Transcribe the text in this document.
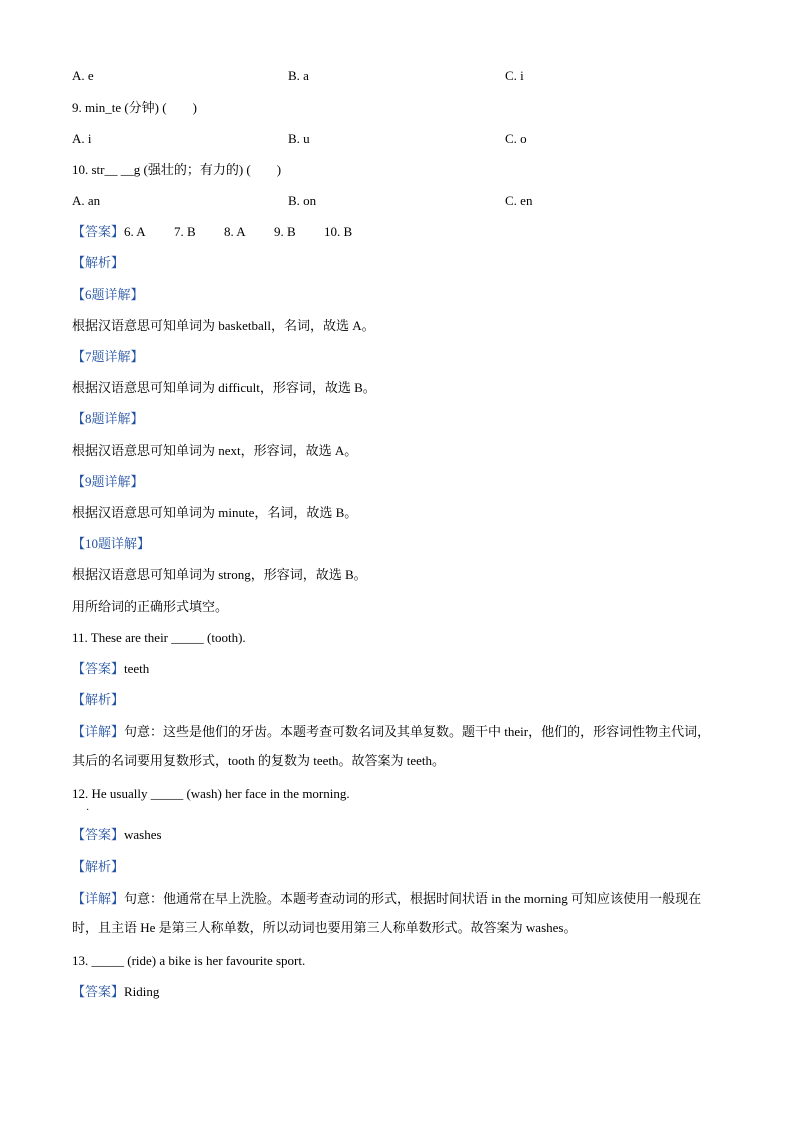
A. e	B. a	C. i
9. min_te (分钟) (　　)
A. i	B. u	C. o
10. str__ __g (强壮的；有力的) (　　)
A. an	B. on	C. en
【答案】6. A 7. B 8. A 9. B 10. B
【解析】
【6题详解】
根据汉语意思可知单词为 basketball，名词，故选 A。
【7题详解】
根据汉语意思可知单词为 difficult，形容词，故选 B。
【8题详解】
根据汉语意思可知单词为 next，形容词，故选 A。
【9题详解】
根据汉语意思可知单词为 minute，名词，故选 B。
【10题详解】
根据汉语意思可知单词为 strong，形容词，故选 B。
用所给词的正确形式填空。
11. These are their _____ (tooth).
【答案】teeth
【解析】
【详解】句意：这些是他们的牙齿。本题考查可数名词及其单复数。题干中 their，他们的，形容词性物主代词，其后的名词要用复数形式，tooth 的复数为 teeth。故答案为 teeth。
12. He usually _____ (wash) her face in the morning.
·
【答案】washes
【解析】
【详解】句意：他通常在早上洗脸。本题考查动词的形式，根据时间状语 in the morning 可知应该使用一般现在时，且主语 He 是第三人称单数，所以动词也要用第三人称单数形式。故答案为 washes。
13. _____ (ride) a bike is her favourite sport.
【答案】Riding
